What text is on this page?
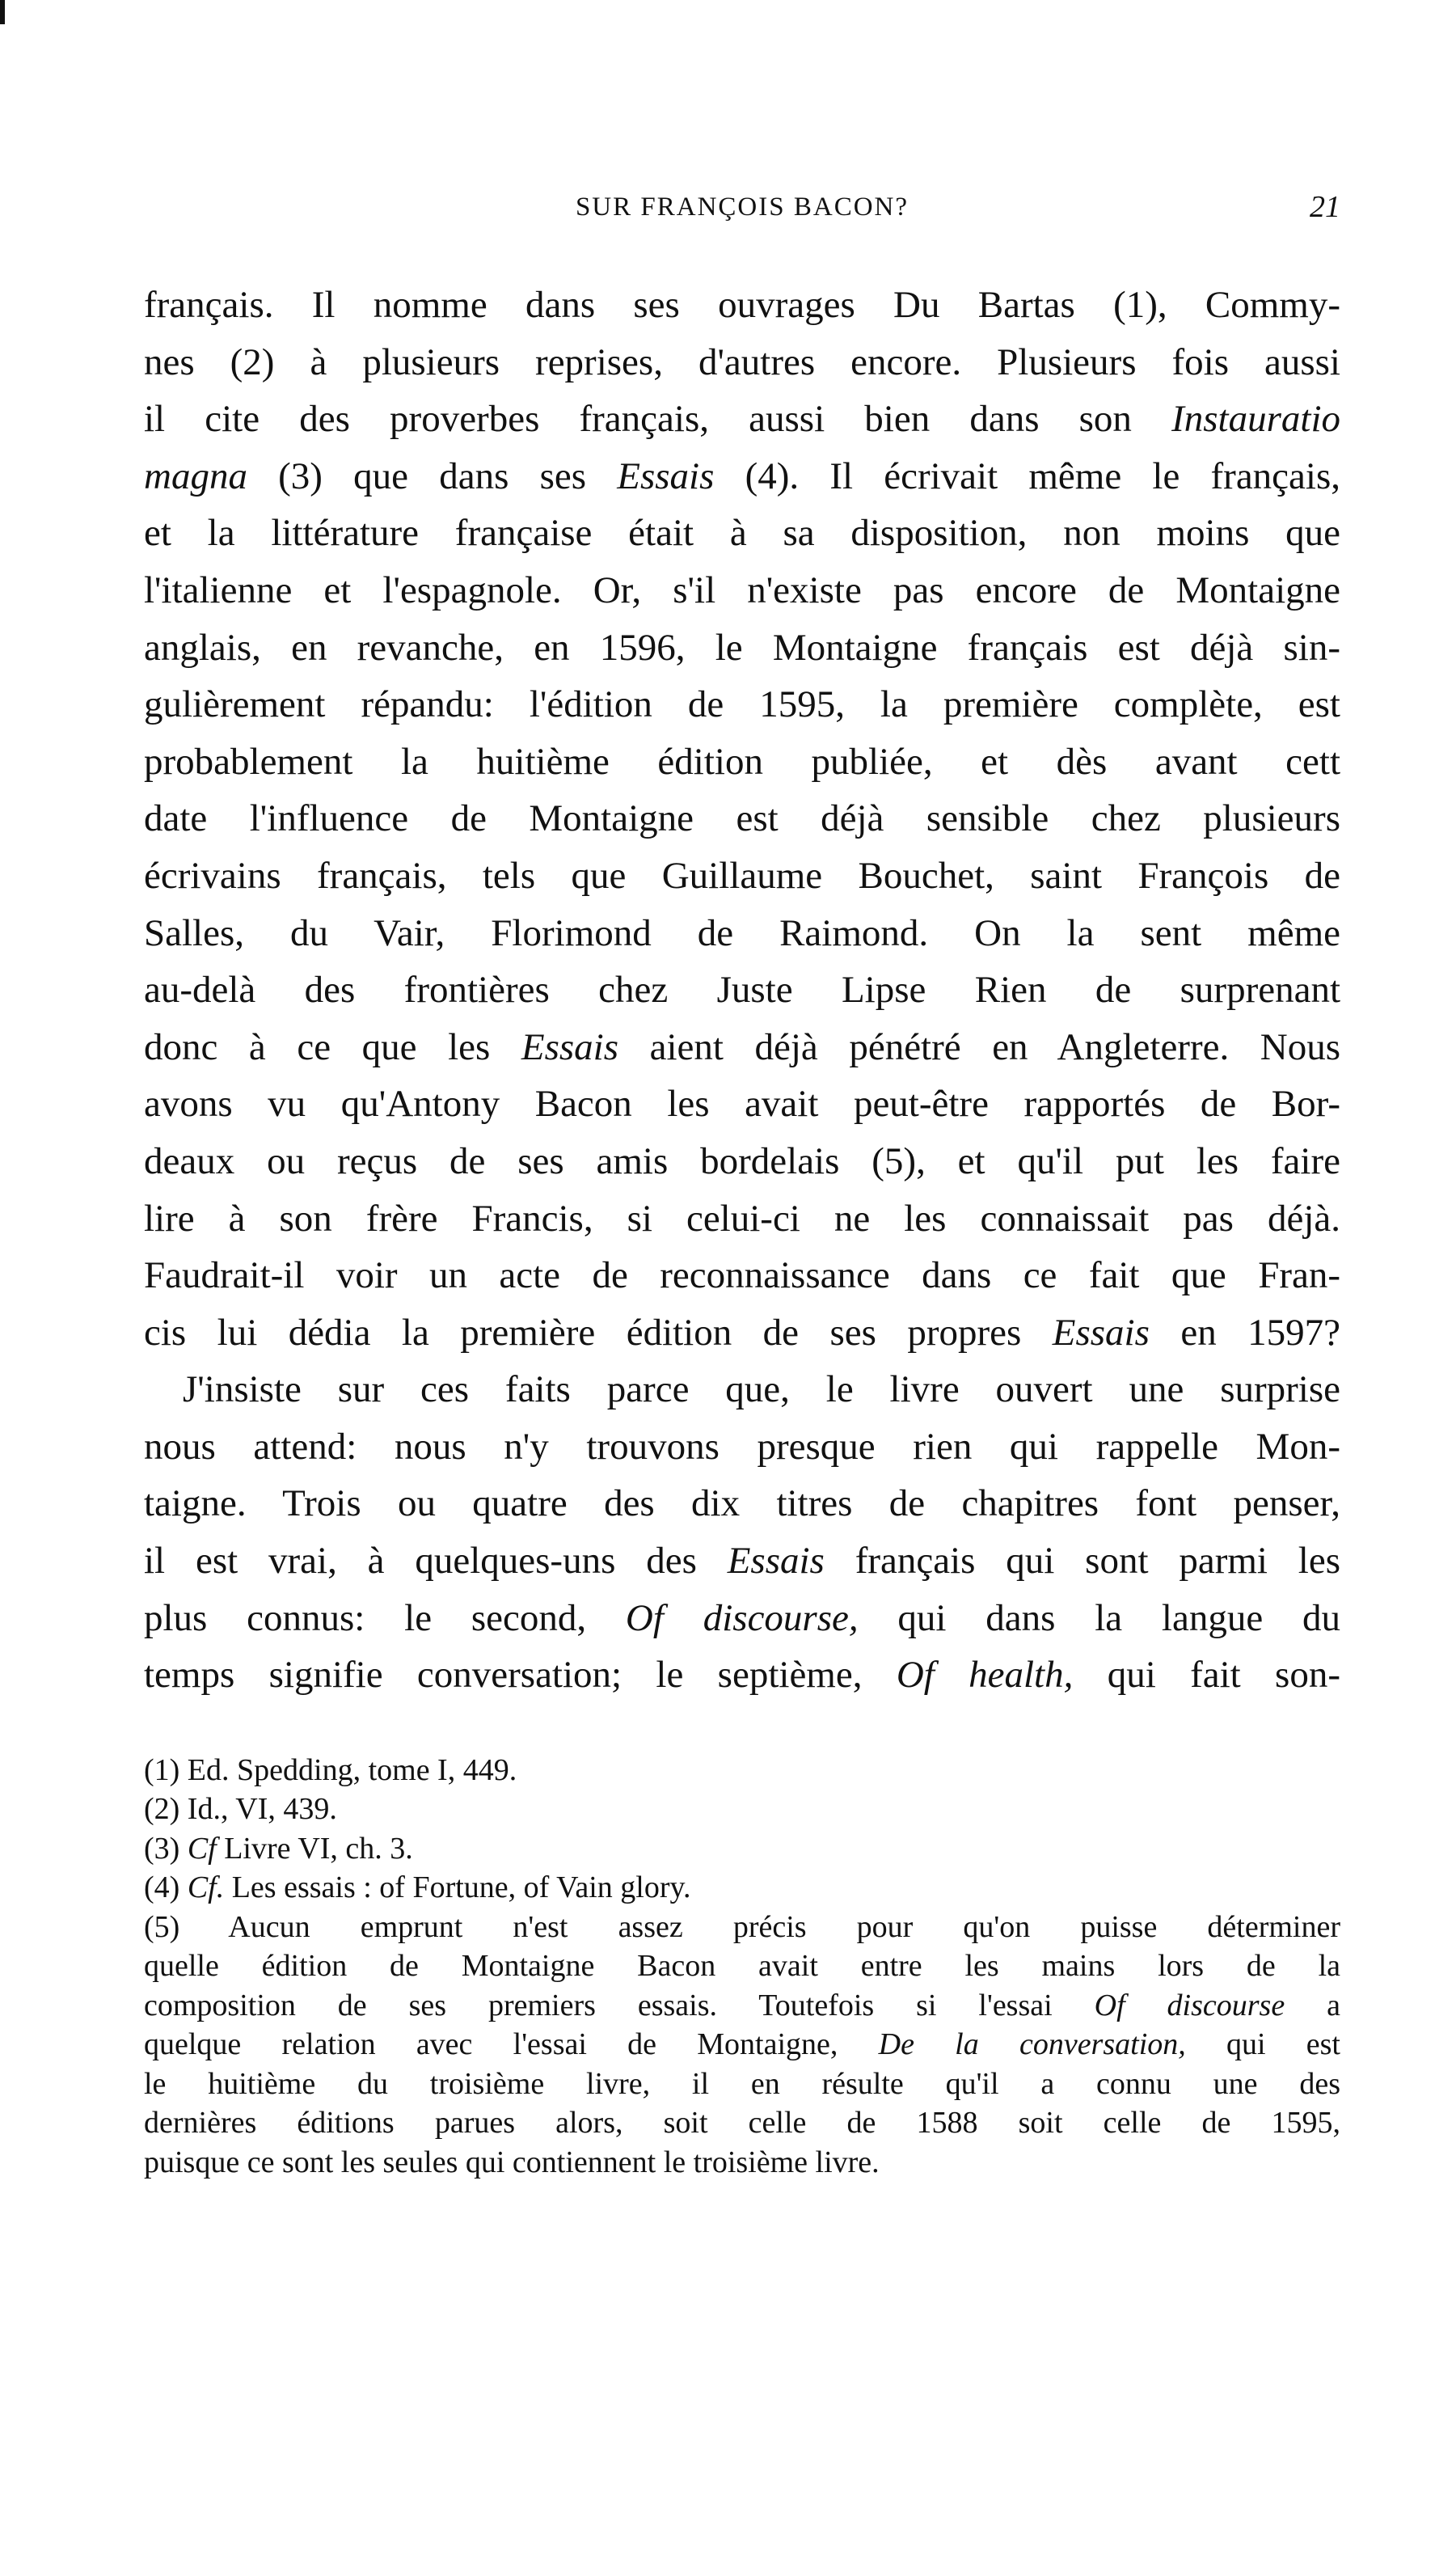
SUR FRANÇOIS BACON?	21
français. Il nomme dans ses ouvrages Du Bartas (1), Commy-
nes (2) à plusieurs reprises, d'autres encore. Plusieurs fois aussi
il cite des proverbes français, aussi bien dans son Instauratio
magna (3) que dans ses Essais (4). Il écrivait même le français,
et la littérature française était à sa disposition, non moins que
l'italienne et l'espagnole. Or, s'il n'existe pas encore de Montaigne
anglais, en revanche, en 1596, le Montaigne français est déjà sin-
gulièrement répandu: l'édition de 1595, la première complète, est
probablement la huitième édition publiée, et dès avant cett
date l'influence de Montaigne est déjà sensible chez plusieurs
écrivains français, tels que Guillaume Bouchet, saint François de
Salles, du Vair, Florimond de Raimond. On la sent même
au-delà des frontières chez Juste Lipse Rien de surprenant
donc à ce que les Essais aient déjà pénétré en Angleterre. Nous
avons vu qu'Antony Bacon les avait peut-être rapportés de Bor-
deaux ou reçus de ses amis bordelais (5), et qu'il put les faire
lire à son frère Francis, si celui-ci ne les connaissait pas déjà.
Faudrait-il voir un acte de reconnaissance dans ce fait que Fran-
cis lui dédia la première édition de ses propres Essais en 1597?
J'insiste sur ces faits parce que, le livre ouvert une surprise
nous attend: nous n'y trouvons presque rien qui rappelle Mon-
taigne. Trois ou quatre des dix titres de chapitres font penser,
il est vrai, à quelques-uns des Essais français qui sont parmi les
plus connus: le second, Of discourse, qui dans la langue du
temps signifie conversation; le septième, Of health, qui fait son-
(1) Ed. Spedding, tome I, 449.
(2) Id., VI, 439.
(3) Cf Livre VI, ch. 3.
(4) Cf. Les essais : of Fortune, of Vain glory.
(5) Aucun emprunt n'est assez précis pour qu'on puisse déterminer
quelle édition de Montaigne Bacon avait entre les mains lors de la
composition de ses premiers essais. Toutefois si l'essai Of discourse a
quelque relation avec l'essai de Montaigne, De la conversation, qui est
le huitième du troisième livre, il en résulte qu'il a connu une des
dernières éditions parues alors, soit celle de 1588 soit celle de 1595,
puisque ce sont les seules qui contiennent le troisième livre.
